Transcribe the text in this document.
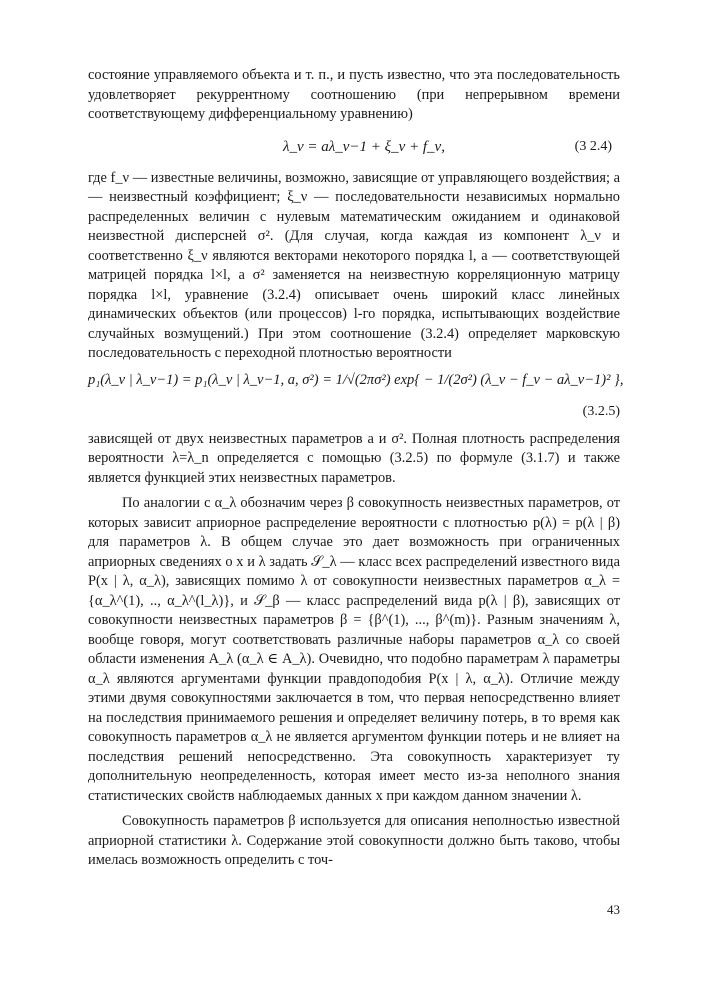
состояние управляемого объекта и т. п., и пусть известно, что эта последовательность удовлетворяет рекуррентному соотношению (при непрерывном времени соответствующему дифференциальному уравнению)

λ_ν = aλ_ν−1 + ξ_ν + f_ν,	(3 2.4)

где f_ν — известные величины, возможно, зависящие от управляющего воздействия; a — неизвестный коэффициент; ξ_ν — последовательности независимых нормально распределенных величин с нулевым математическим ожиданием и одинаковой неизвестной дисперсней σ². (Для случая, когда каждая из компонент λ_ν и соответственно ξ_ν являются векторами некоторого порядка l, a — соответствующей матрицей порядка l×l, а σ² заменяется на неизвестную корреляционную матрицу порядка l×l, уравнение (3.2.4) описывает очень широкий класс линейных динамических объектов (или процессов) l-го порядка, испытывающих воздействие случайных возмущений.) При этом соотношение (3.2.4) определяет марковскую последовательность с переходной плотностью вероятности

p₁(λ_ν | λ_ν−1) = p₁(λ_ν | λ_ν−1, a, σ²) = 1/√(2πσ²) exp{ − 1/(2σ²) (λ_ν − f_ν − aλ_ν−1)² },
(3.2.5)

зависящей от двух неизвестных параметров a и σ². Полная плотность распределения вероятности λ=λ_n определяется с помощью (3.2.5) по формуле (3.1.7) и также является функцией этих неизвестных параметров.

По аналогии с α_λ обозначим через β совокупность неизвестных параметров, от которых зависит априорное распределение вероятности с плотностью p(λ) = p(λ | β) для параметров λ. В общем случае это дает возможность при ограниченных априорных сведениях о x и λ задать 𝒮_λ — класс всех распределений известного вида P(x | λ, α_λ), зависящих помимо λ от совокупности неизвестных параметров α_λ = {α_λ^(1), .., α_λ^(l_λ)}, и 𝒮_β — класс распределений вида p(λ | β), зависящих от совокупности неизвестных параметров β = {β^(1), ..., β^(m)}. Разным значениям λ, вообще говоря, могут соответствовать различные наборы параметров α_λ со своей области изменения A_λ (α_λ ∈ A_λ). Очевидно, что подобно параметрам λ параметры α_λ являются аргументами функции правдоподобия P(x | λ, α_λ). Отличие между этими двумя совокупностями заключается в том, что первая непосредственно влияет на последствия принимаемого решения и определяет величину потерь, в то время как совокупность параметров α_λ не является аргументом функции потерь и не влияет на последствия решений непосредственно. Эта совокупность характеризует ту дополнительную неопределенность, которая имеет место из-за неполного знания статистических свойств наблюдаемых данных x при каждом данном значении λ.

Совокупность параметров β используется для описания неполностью известной априорной статистики λ. Содержание этой совокупности должно быть таково, чтобы имелась возможность определить с точ-

43
